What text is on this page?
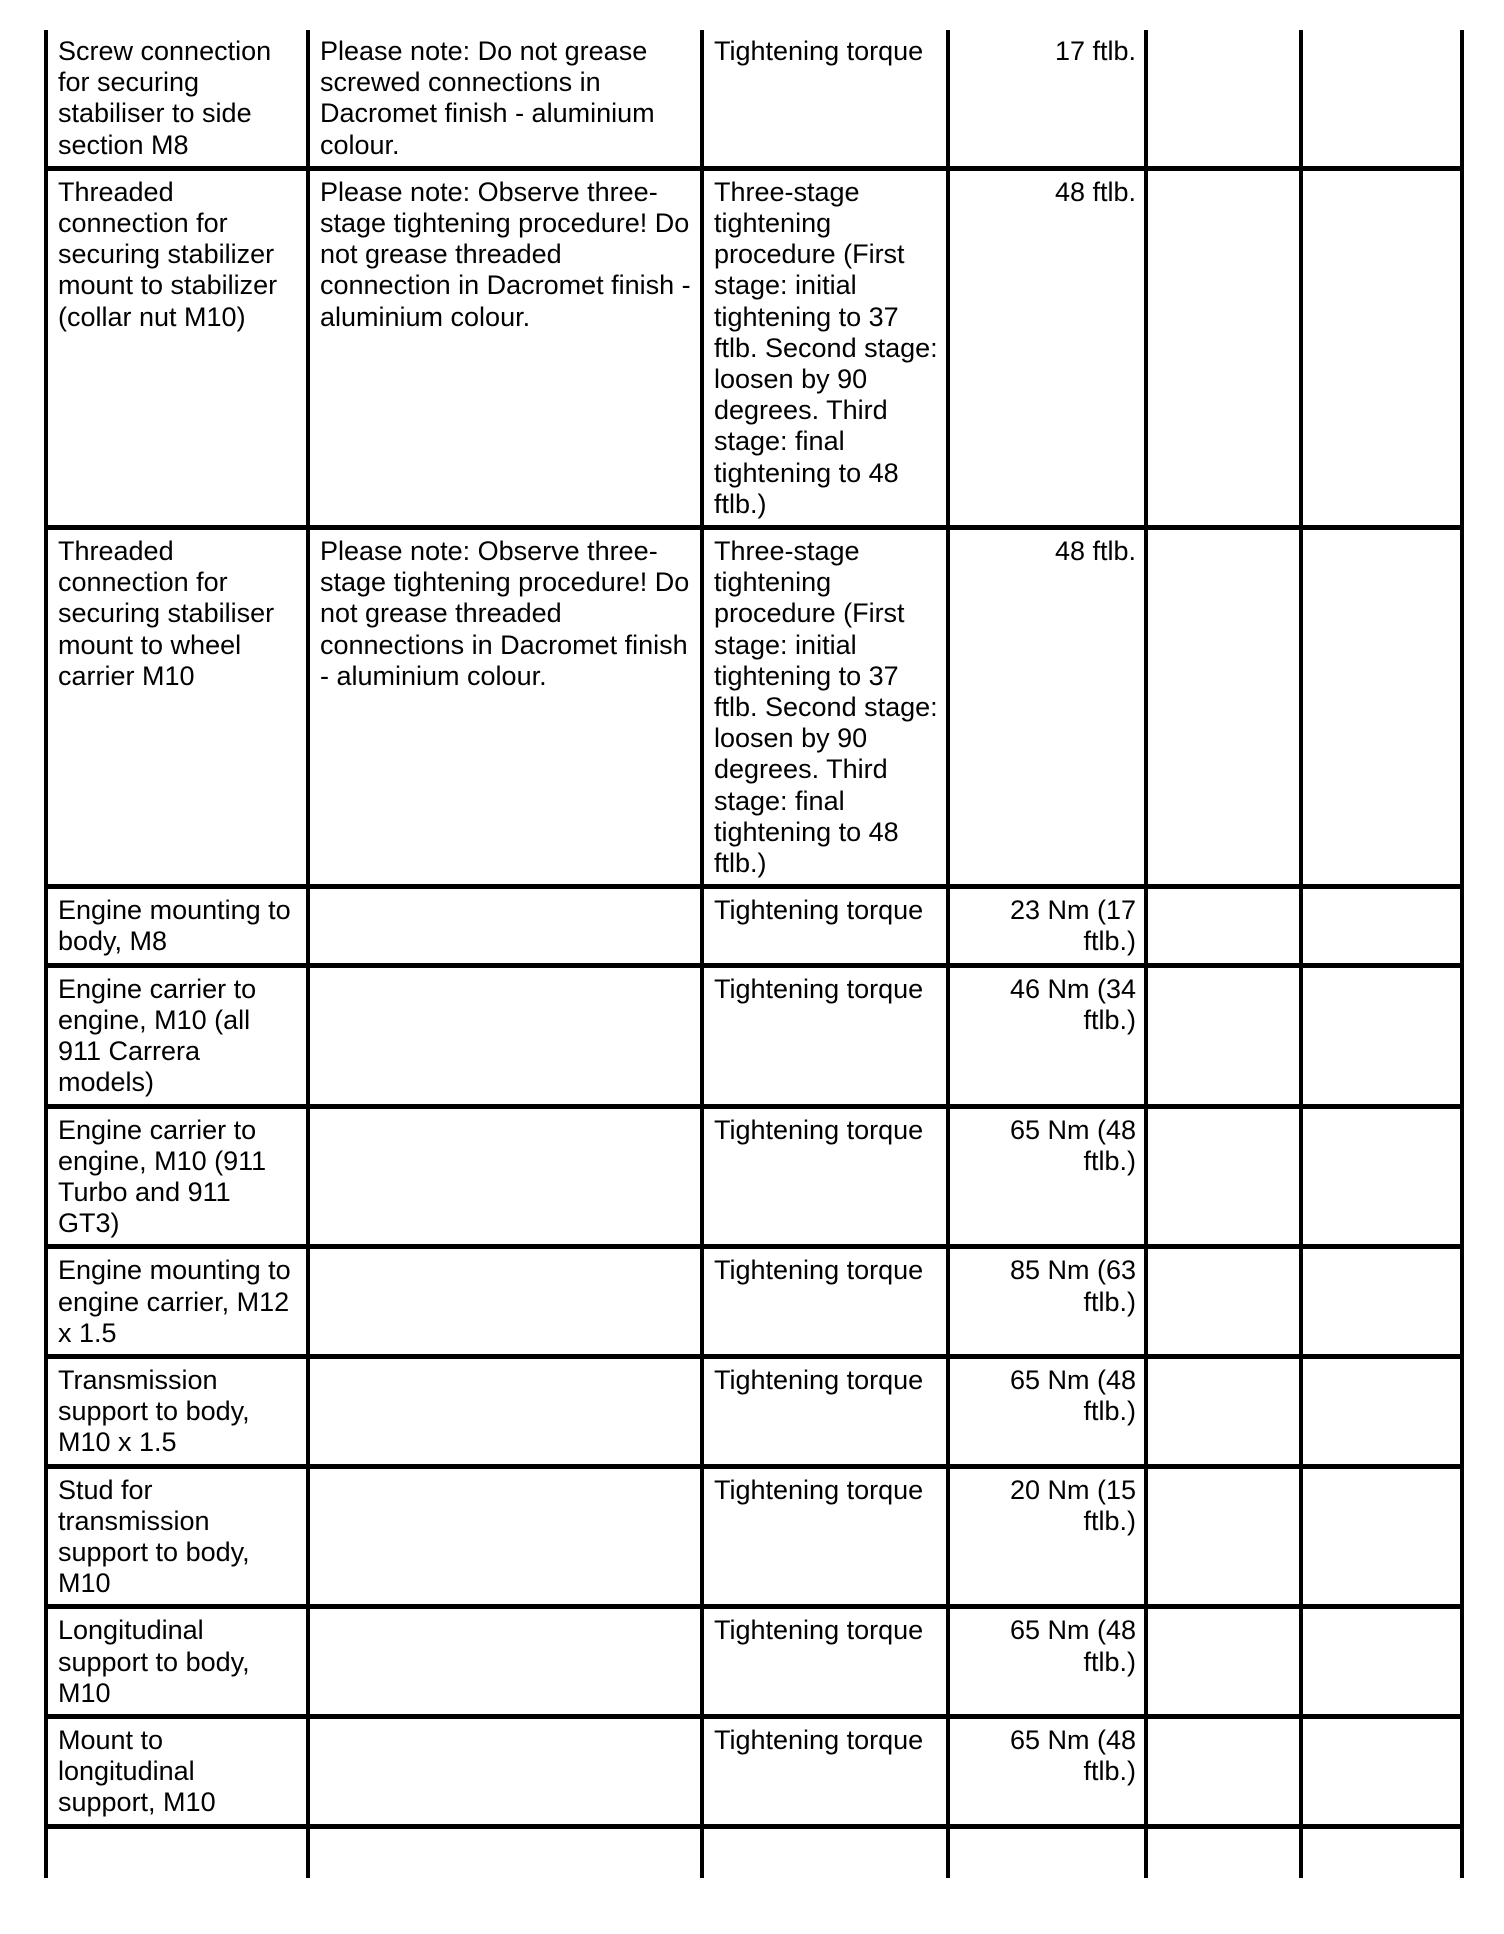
Screw connection for securing stabiliser to side section M8	Please note: Do not grease screwed connections in Dacromet finish - aluminium colour.	Tightening torque	17 ftlb.		
Threaded connection for securing stabilizer mount to stabilizer (collar nut M10)	Please note: Observe three-stage tightening procedure! Do not grease threaded connection in Dacromet finish - aluminium colour.	Three-stage tightening procedure (First stage: initial tightening to 37 ftlb. Second stage: loosen by 90 degrees. Third stage: final tightening to 48 ftlb.)	48 ftlb.		
Threaded connection for securing stabiliser mount to wheel carrier M10	Please note: Observe three-stage tightening procedure! Do not grease threaded connections in Dacromet finish - aluminium colour.	Three-stage tightening procedure (First stage: initial tightening to 37 ftlb. Second stage: loosen by 90 degrees. Third stage: final tightening to 48 ftlb.)	48 ftlb.		
Engine mounting to body, M8		Tightening torque	23 Nm (17 ftlb.)		
Engine carrier to engine, M10 (all 911 Carrera models)		Tightening torque	46 Nm (34 ftlb.)		
Engine carrier to engine, M10 (911 Turbo and 911 GT3)		Tightening torque	65 Nm (48 ftlb.)		
Engine mounting to engine carrier, M12 x 1.5		Tightening torque	85 Nm (63 ftlb.)		
Transmission support to body, M10 x 1.5		Tightening torque	65 Nm (48 ftlb.)		
Stud for transmission support to body, M10		Tightening torque	20 Nm (15 ftlb.)		
Longitudinal support to body, M10		Tightening torque	65 Nm (48 ftlb.)		
Mount to longitudinal support, M10		Tightening torque	65 Nm (48 ftlb.)		
